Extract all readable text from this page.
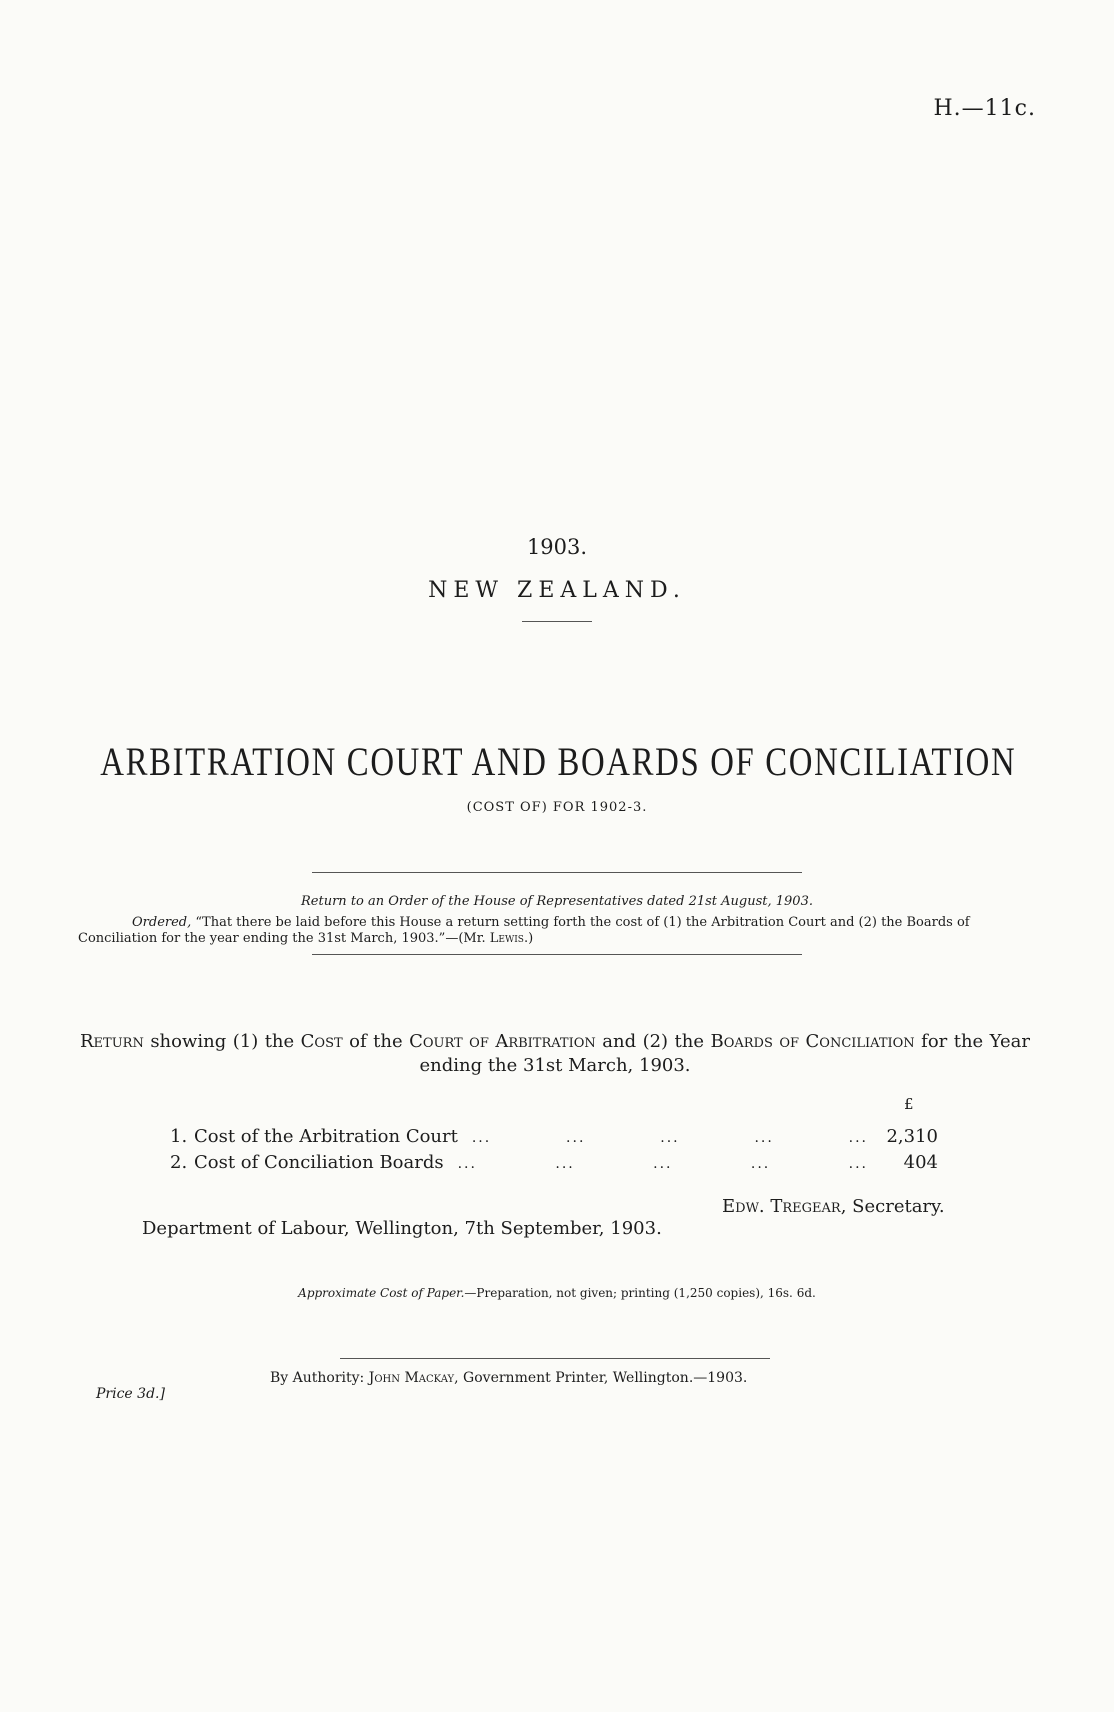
H.—11c.
1903.
NEW ZEALAND.
ARBITRATION COURT AND BOARDS OF CONCILIATION
(COST OF) FOR 1902-3.
Return to an Order of the House of Representatives dated 21st August, 1903.
Ordered, “That there be laid before this House a return setting forth the cost of (1) the Arbitration Court and (2) the Boards of Conciliation for the year ending the 31st March, 1903.”—(Mr. Lewis.)
Return showing (1) the Cost of the Court of Arbitration and (2) the Boards of Conciliation for the Year ending the 31st March, 1903.
£
1. Cost of the Arbitration Court	... ... ... ... ...	2,310
2. Cost of Conciliation Boards	... ... ... ... ...	404
Edw. Tregear, Secretary.
Department of Labour, Wellington, 7th September, 1903.
Approximate Cost of Paper.—Preparation, not given; printing (1,250 copies), 16s. 6d.
By Authority: John Mackay, Government Printer, Wellington.—1903.
Price 3d.]
